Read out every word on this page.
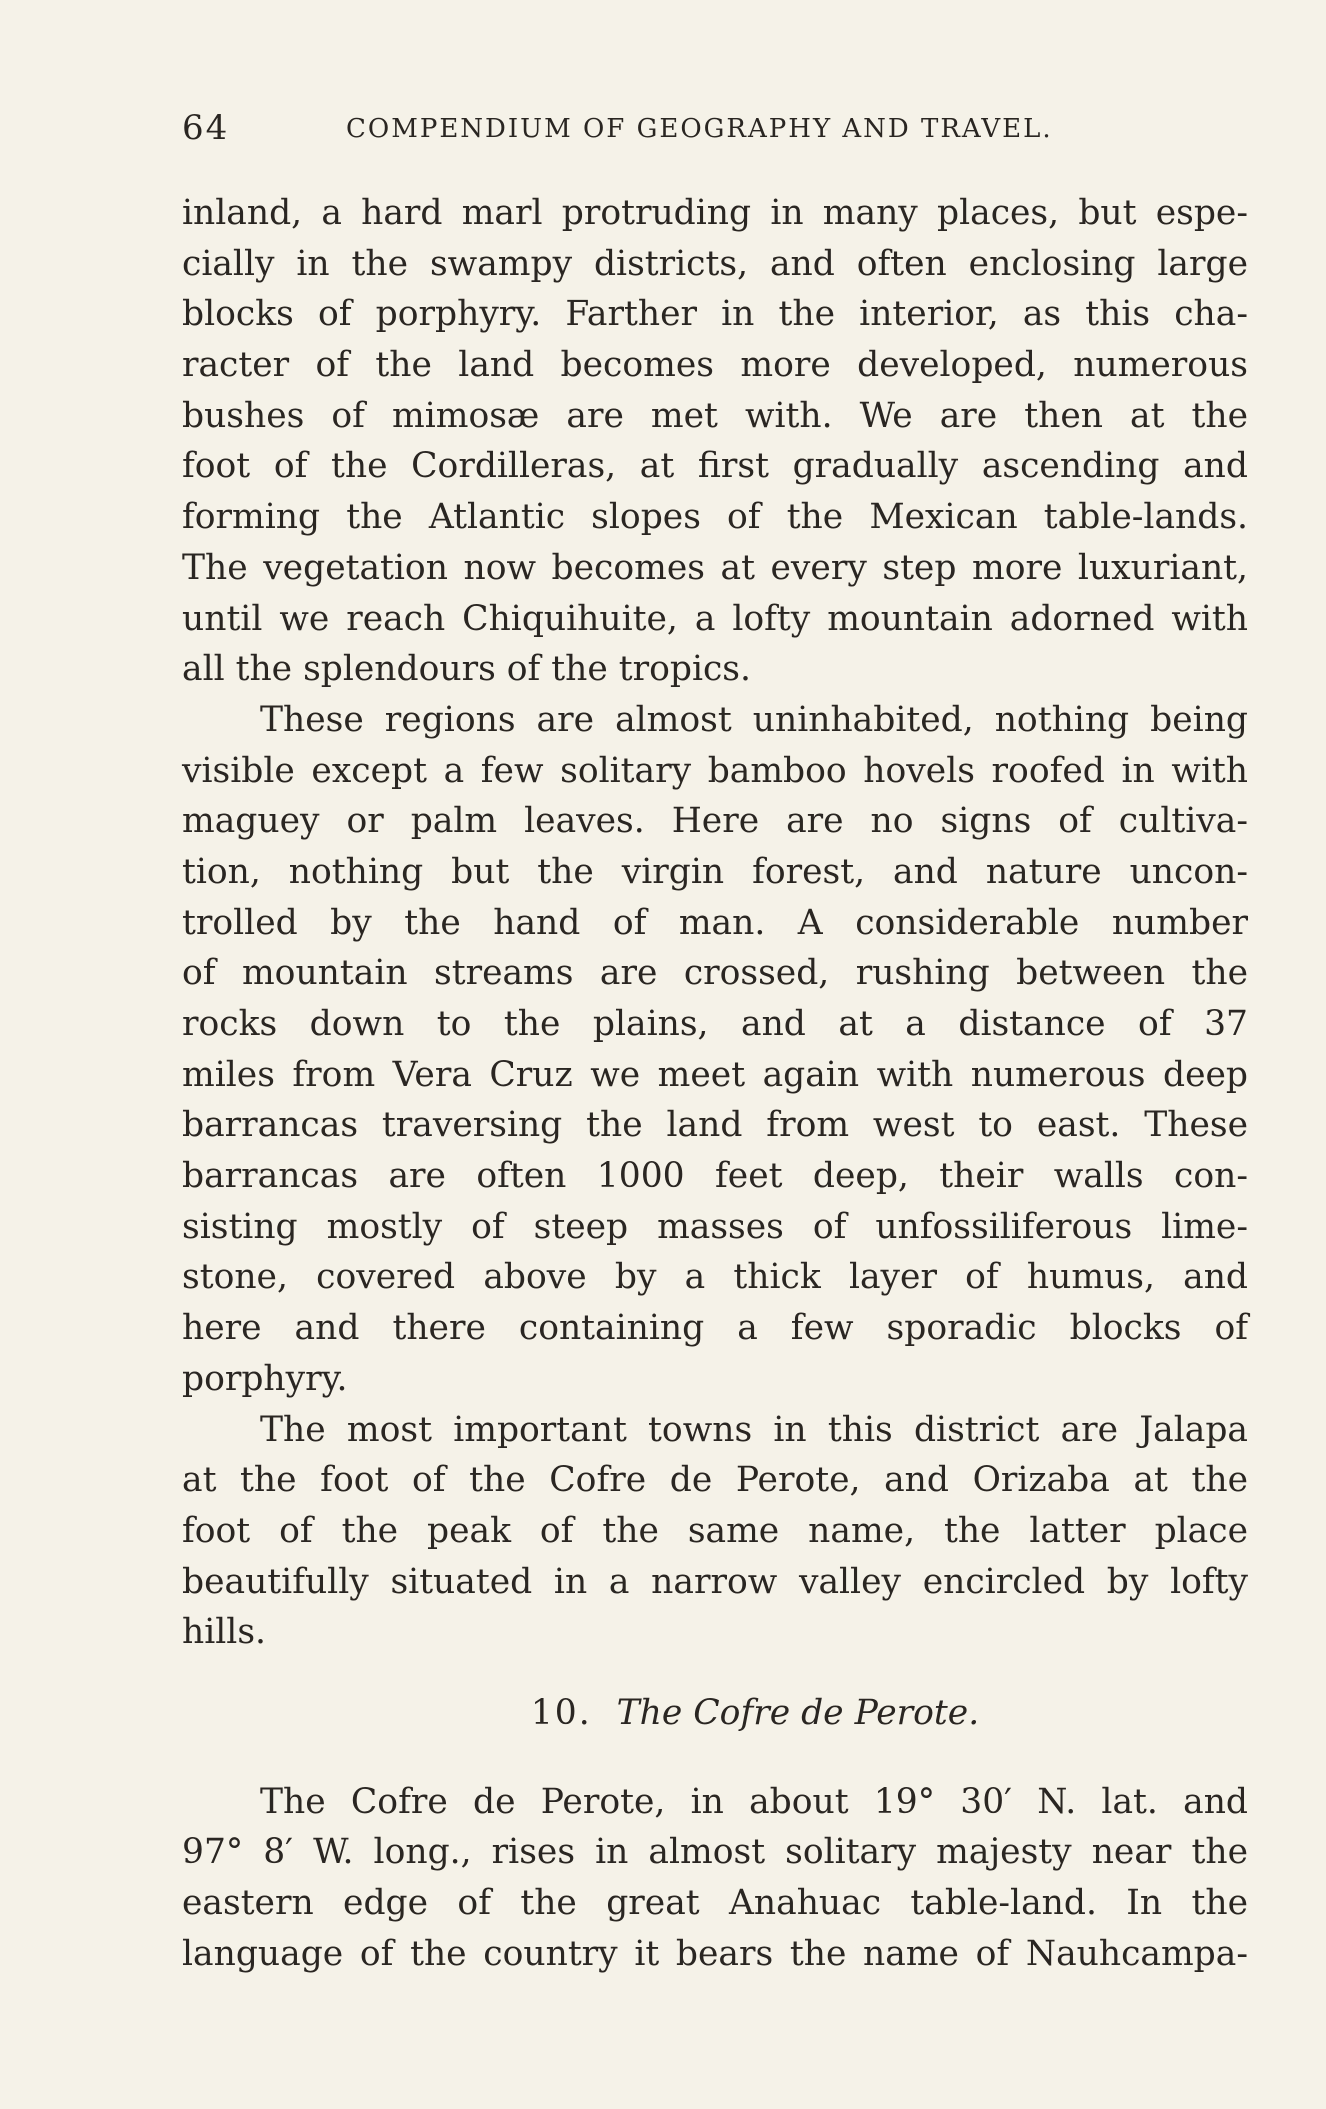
64	COMPENDIUM OF GEOGRAPHY AND TRAVEL.
inland, a hard marl protruding in many places, but espe-
cially in the swampy districts, and often enclosing large
blocks of porphyry. Farther in the interior, as this cha-
racter of the land becomes more developed, numerous
bushes of mimosæ are met with. We are then at the
foot of the Cordilleras, at first gradually ascending and
forming the Atlantic slopes of the Mexican table-lands.
The vegetation now becomes at every step more luxuriant,
until we reach Chiquihuite, a lofty mountain adorned with
all the splendours of the tropics.
These regions are almost uninhabited, nothing being
visible except a few solitary bamboo hovels roofed in with
maguey or palm leaves. Here are no signs of cultiva-
tion, nothing but the virgin forest, and nature uncon-
trolled by the hand of man. A considerable number
of mountain streams are crossed, rushing between the
rocks down to the plains, and at a distance of 37
miles from Vera Cruz we meet again with numerous deep
barrancas traversing the land from west to east. These
barrancas are often 1000 feet deep, their walls con-
sisting mostly of steep masses of unfossiliferous lime-
stone, covered above by a thick layer of humus, and
here and there containing a few sporadic blocks of
porphyry.
The most important towns in this district are Jalapa
at the foot of the Cofre de Perote, and Orizaba at the
foot of the peak of the same name, the latter place
beautifully situated in a narrow valley encircled by lofty
hills.
10. The Cofre de Perote.
The Cofre de Perote, in about 19° 30′ N. lat. and
97° 8′ W. long., rises in almost solitary majesty near the
eastern edge of the great Anahuac table-land. In the
language of the country it bears the name of Nauhcampa-
